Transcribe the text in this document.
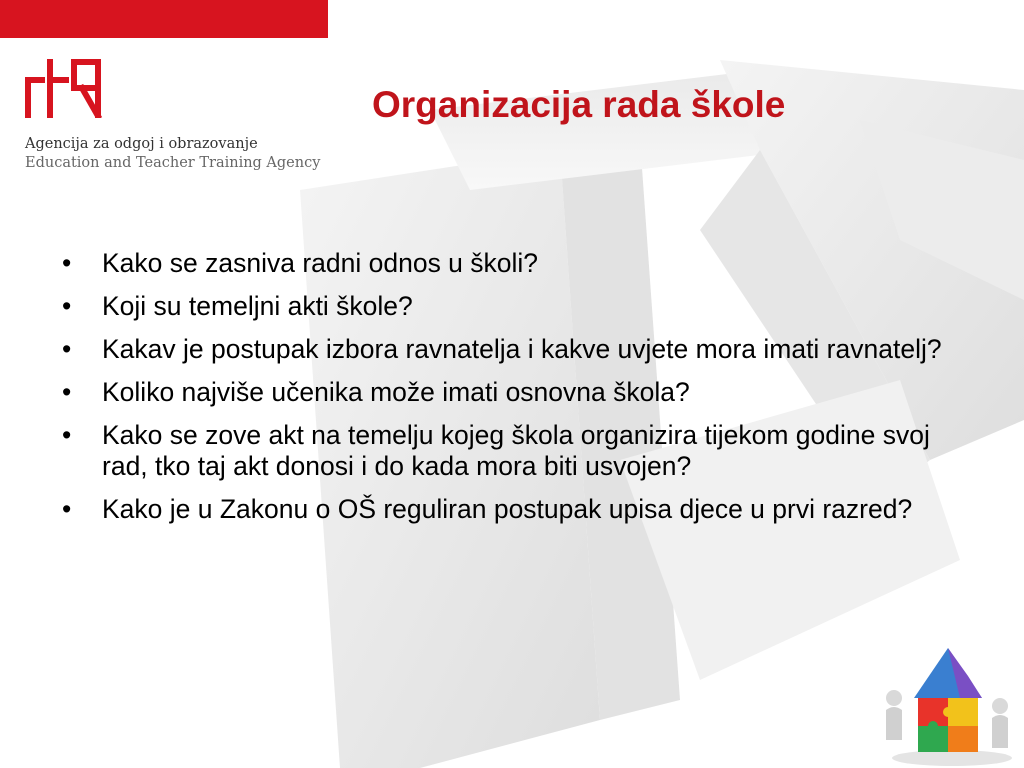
Agencija za odgoj i obrazovanje
Education and Teacher Training Agency
Organizacija rada škole
• Kako se zasniva radni odnos u školi?
• Koji su temeljni akti škole?
• Kakav je postupak izbora ravnatelja i kakve uvjete mora imati ravnatelj?
• Koliko najviše učenika može imati osnovna škola?
• Kako se zove akt na temelju kojeg škola organizira tijekom godine svoj rad, tko taj akt donosi i do kada mora biti usvojen?
• Kako je u Zakonu o OŠ reguliran postupak upisa djece u prvi razred?
